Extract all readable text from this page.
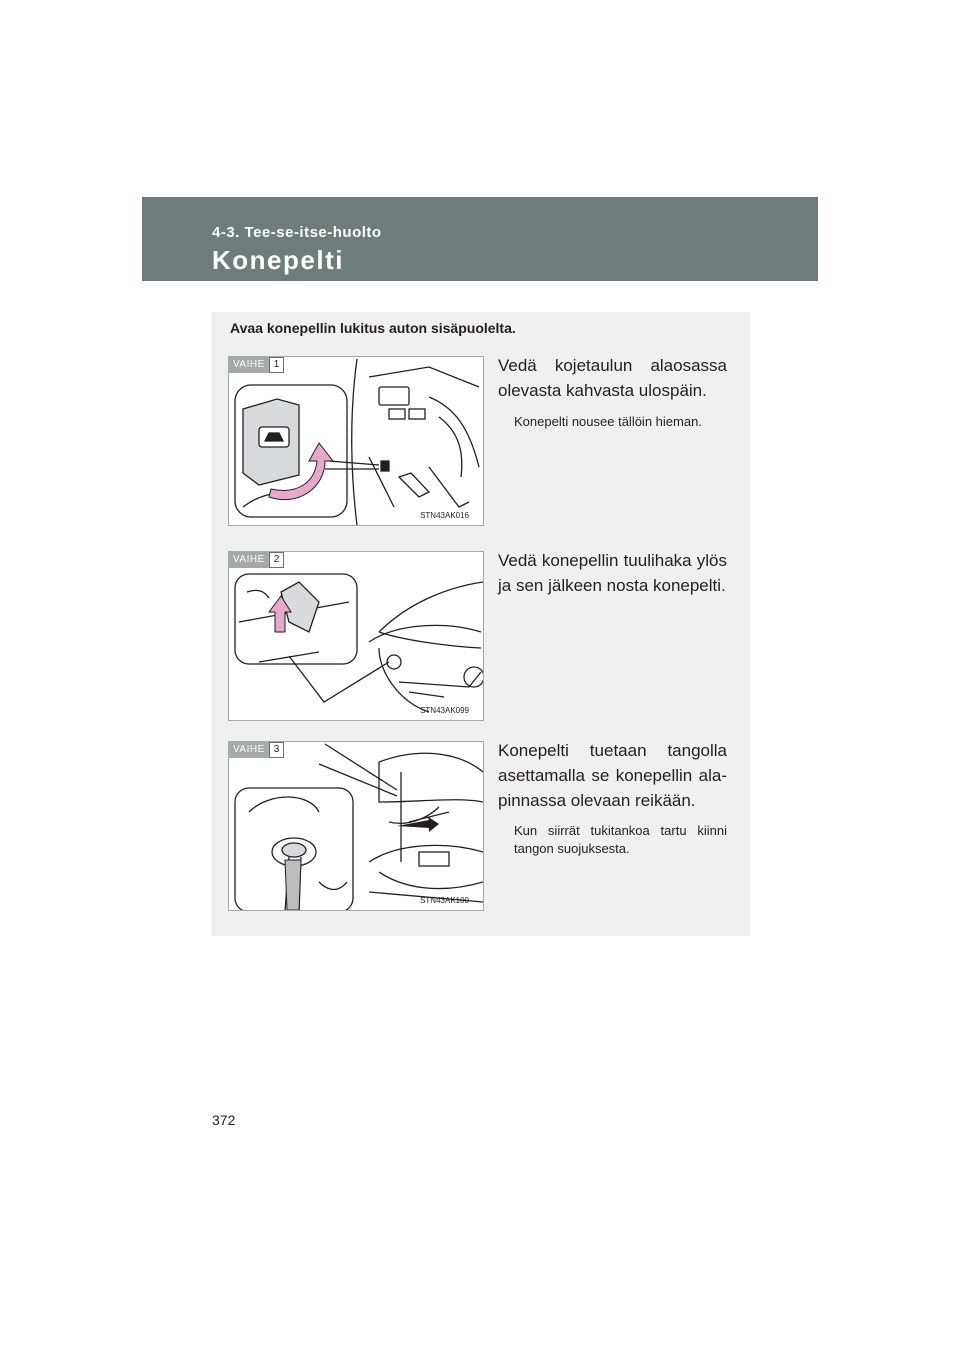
4-3. Tee-se-itse-huolto
Konepelti
Avaa konepellin lukitus auton sisäpuolelta.
VAIHE 1
STN43AK016
Vedä kojetaulun alaosassa
olevasta kahvasta ulospäin.
Konepelti nousee tällöin hieman.
VAIHE 2
STN43AK099
Vedä konepellin tuulihaka ylös
ja sen jälkeen nosta konepelti.
VAIHE 3
STN43AK100
Konepelti tuetaan tangolla
asettamalla se konepellin ala-
pinnassa olevaan reikään.
Kun siirrät tukitankoa tartu kiinni tangon suojuksesta.
372
